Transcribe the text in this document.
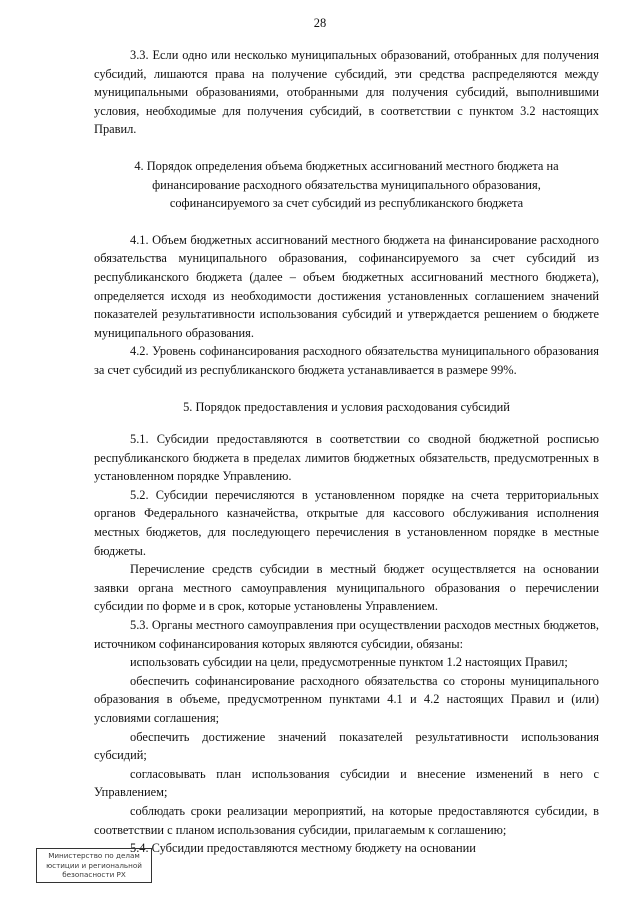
28

3.3. Если одно или несколько муниципальных образований, отобранных для получения субсидий, лишаются права на получение субсидий, эти средства распределяются между муниципальными образованиями, отобранными для получения субсидий, выполнившими условия, необходимые для получения субсидий, в соответствии с пунктом 3.2 настоящих Правил.

4. Порядок определения объема бюджетных ассигнований местного бюджета на

финансирование расходного обязательства муниципального образования,

софинансируемого за счет субсидий из республиканского бюджета

4.1. Объем бюджетных ассигнований местного бюджета на финансирование расходного обязательства муниципального образования, софинансируемого за счет субсидий из республиканского бюджета (далее – объем бюджетных ассигнований местного бюджета), определяется исходя из необходимости достижения установленных соглашением значений показателей результативности использования субсидий и утверждается решением о бюджете муниципального образования.

4.2. Уровень софинансирования расходного обязательства муниципального образования за счет субсидий из республиканского бюджета устанавливается в размере 99%.

5. Порядок предоставления и условия расходования субсидий

5.1. Субсидии предоставляются в соответствии со сводной бюджетной росписью республиканского бюджета в пределах лимитов бюджетных обязательств, предусмотренных в установленном порядке Управлению.

5.2. Субсидии перечисляются в установленном порядке на счета территориальных органов Федерального казначейства, открытые для кассового обслуживания исполнения местных бюджетов, для последующего перечисления в установленном порядке в местные бюджеты.

Перечисление средств субсидии в местный бюджет осуществляется на основании заявки органа местного самоуправления муниципального образования о перечислении субсидии по форме и в срок, которые установлены Управлением.

5.3. Органы местного самоуправления при осуществлении расходов местных бюджетов, источником софинансирования которых являются субсидии, обязаны:

использовать субсидии на цели, предусмотренные пунктом 1.2 настоящих Правил;

обеспечить софинансирование расходного обязательства со стороны муниципального образования в объеме, предусмотренном пунктами 4.1 и 4.2 настоящих Правил и (или) условиями соглашения;

обеспечить достижение значений показателей результативности использования субсидий;

согласовывать план использования субсидии и внесение изменений в него с Управлением;

соблюдать сроки реализации мероприятий, на которые предоставляются субсидии, в соответствии с планом использования субсидии, прилагаемым к соглашению;

5.4. Субсидии предоставляются местному бюджету на основании

Министерство по делам
юстиции и региональной
безопасности РХ
